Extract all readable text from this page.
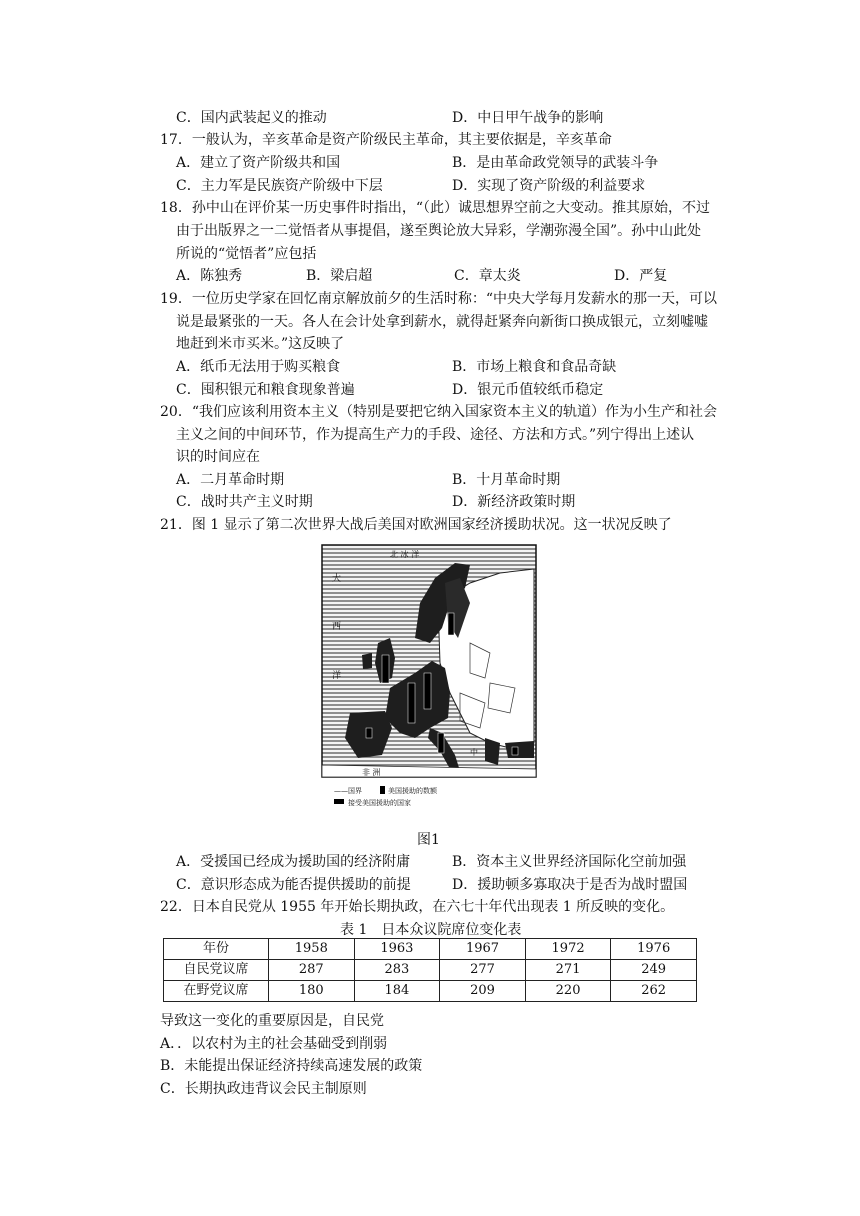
C．国内武装起义的推动	D．中日甲午战争的影响
17．一般认为，辛亥革命是资产阶级民主革命，其主要依据是，辛亥革命
A．建立了资产阶级共和国	B．是由革命政党领导的武装斗争
C．主力军是民族资产阶级中下层	D．实现了资产阶级的利益要求
18．孙中山在评价某一历史事件时指出，“（此）诚思想界空前之大变动。推其原始，不过
由于出版界之一二觉悟者从事提倡，遂至舆论放大异彩，学潮弥漫全国”。孙中山此处
所说的“觉悟者”应包括
A．陈独秀	B．梁启超	C．章太炎	D．严复
19．一位历史学家在回忆南京解放前夕的生活时称：“中央大学每月发薪水的那一天，可以
说是最紧张的一天。各人在会计处拿到薪水，就得赶紧奔向新街口换成银元，立刻嘘嘘
地赶到米市买米。”这反映了
A．纸币无法用于购买粮食	B．市场上粮食和食品奇缺
C．囤积银元和粮食现象普遍	D．银元币值较纸币稳定
20．“我们应该利用资本主义（特别是要把它纳入国家资本主义的轨道）作为小生产和社会
主义之间的中间环节，作为提高生产力的手段、途径、方法和方式。”列宁得出上述认
识的时间应在
A．二月革命时期	B．十月革命时期
C．战时共产主义时期	D．新经济政策时期
21．图 1 显示了第二次世界大战后美国对欧洲国家经济援助状况。这一状况反映了
北 冰 洋
大
西
洋
中
非 洲
——国界	美国援助的数额
接受美国援助的国家
图1
A．受援国已经成为援助国的经济附庸	B．资本主义世界经济国际化空前加强
C．意识形态成为能否提供援助的前提	D．援助顿多寡取决于是否为战时盟国
22．日本自民党从 1955 年开始长期执政，在六七十年代出现表 1 所反映的变化。
表 1　日本众议院席位变化表
年份	1958	1963	1967	1972	1976
自民党议席	287	283	277	271	249
在野党议席	180	184	209	220	262
导致这一变化的重要原因是，自民党
A．．以农村为主的社会基础受到削弱
B．未能提出保证经济持续高速发展的政策
C．长期执政违背议会民主制原则
